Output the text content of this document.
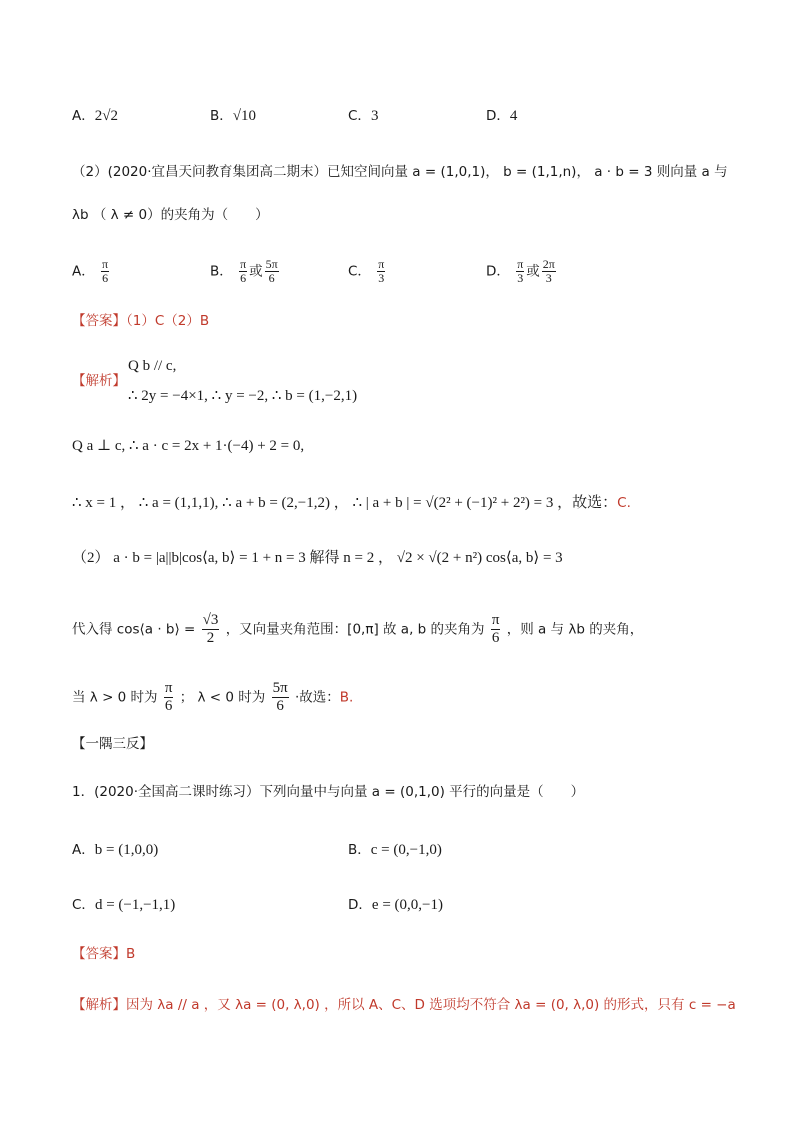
A．2√2	B．√10	C．3	D．4
（2）(2020·宜昌天问教育集团高二期末）已知空间向量 a = (1,0,1)， b = (1,1,n)， a · b = 3 则向量 a 与
λb （ λ ≠ 0）的夹角为（　　）
A． $\frac{\pi}{6}$	B． $\frac{\pi}{6}$ 或 $\frac{5\pi}{6}$	C． $\frac{\pi}{3}$	D． $\frac{\pi}{3}$ 或 $\frac{2\pi}{3}$
【答案】（1）C（2）B
【解析】
Q b // c,
∴ 2y = −4×1, ∴ y = −2, ∴ b = (1,−2,1)
Q a ⊥ c, ∴ a · c = 2x + 1·(−4) + 2 = 0,
∴ x = 1 ， ∴ a = (1,1,1), ∴ a + b = (2,−1,2) ， ∴ | a + b | = √(2² + (−1)² + 2²) = 3 ，故选：C.
（2） a · b = |a||b|cos⟨a, b⟩ = 1 + n = 3 解得 n = 2 ， √2 × √(2 + n²) cos⟨a, b⟩ = 3
代入得 cos⟨a · b⟩ = $\frac{√3}{2}$ ，又向量夹角范围：[0,π] 故 a, b 的夹角为 $\frac{\pi}{6}$ ，则 a 与 λb 的夹角，
当 λ > 0 时为 $\frac{\pi}{6}$ ； λ < 0 时为 $\frac{5\pi}{6}$ ·故选：B.
【一隅三反】
1．(2020·全国高二课时练习）下列向量中与向量 a = (0,1,0) 平行的向量是（　　）
A．b = (1,0,0)	B．c = (0,−1,0)
C．d = (−1,−1,1)	D．e = (0,0,−1)
【答案】B
【解析】因为 λa // a ，又 λa = (0, λ,0) ，所以 A、C、D 选项均不符合 λa = (0, λ,0) 的形式，只有 c = −a
